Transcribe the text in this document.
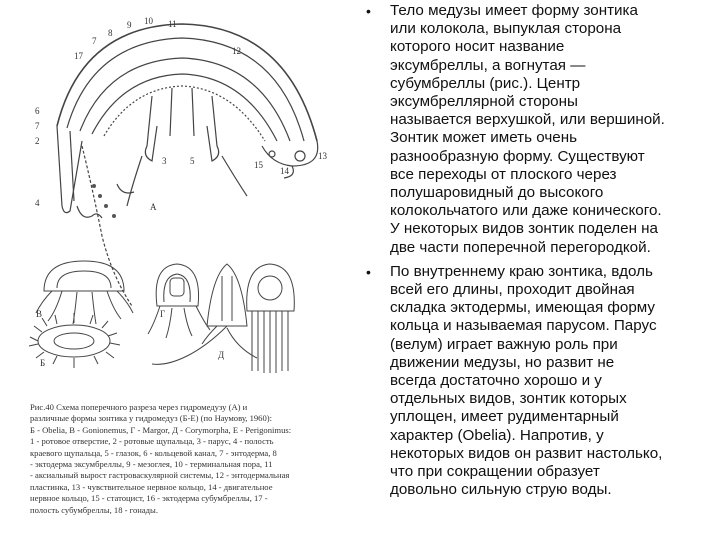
А
Б
В	Г
Д
2
6
7
4
17
7
8
9 10 11
12
13
14
15
3	5
Рис.40 Схема поперечного разреза через гидромедузу (А) и
различные формы зонтика у гидромедуз (Б-Е) (по Наумову, 1960):
Б - Obelia, В - Gonionemus, Г - Margor, Д - Corymorpha, Е - Perigonimus:
1 - ротовое отверстие, 2 - ротовые щупальца, 3 - парус, 4 - полость
краевого щупальца, 5 - глазок, 6 - кольцевой канал, 7 - энтодерма, 8
- эктодерма эксумбреллы, 9 - мезоглея, 10 - терминальная пора, 11
- аксиальный вырост гастроваскулярной системы, 12 - энтодермальная
пластинка, 13 - чувствительное нервное кольцо, 14 - двигательное
нервное кольцо, 15 - статоцист, 16 - эктодерма субумбреллы, 17 -
полость субумбреллы, 18 - гонады.
• Тело медузы имеет форму зонтика
или колокола, выпуклая сторона
которого носит название
эксумбреллы, а вогнутая —
субумбреллы (рис.). Центр
эксумбреллярной стороны
называется верхушкой, или вершиной.
Зонтик может иметь очень
разнообразную форму. Существуют
все переходы от плоского через
полушаровидный до высокого
колокольчатого или даже конического.
У некоторых видов зонтик поделен на
две части поперечной перегородкой.
• По внутреннему краю зонтика, вдоль
всей его длины, проходит двойная
складка эктодермы, имеющая форму
кольца и называемая парусом. Парус
(велум) играет важную роль при
движении медузы, но развит не
всегда достаточно хорошо и у
отдельных видов, зонтик которых
уплощен, имеет рудиментарный
характер (Obelia). Напротив, у
некоторых видов он развит настолько,
что при сокращении образует
довольно сильную струю воды.
